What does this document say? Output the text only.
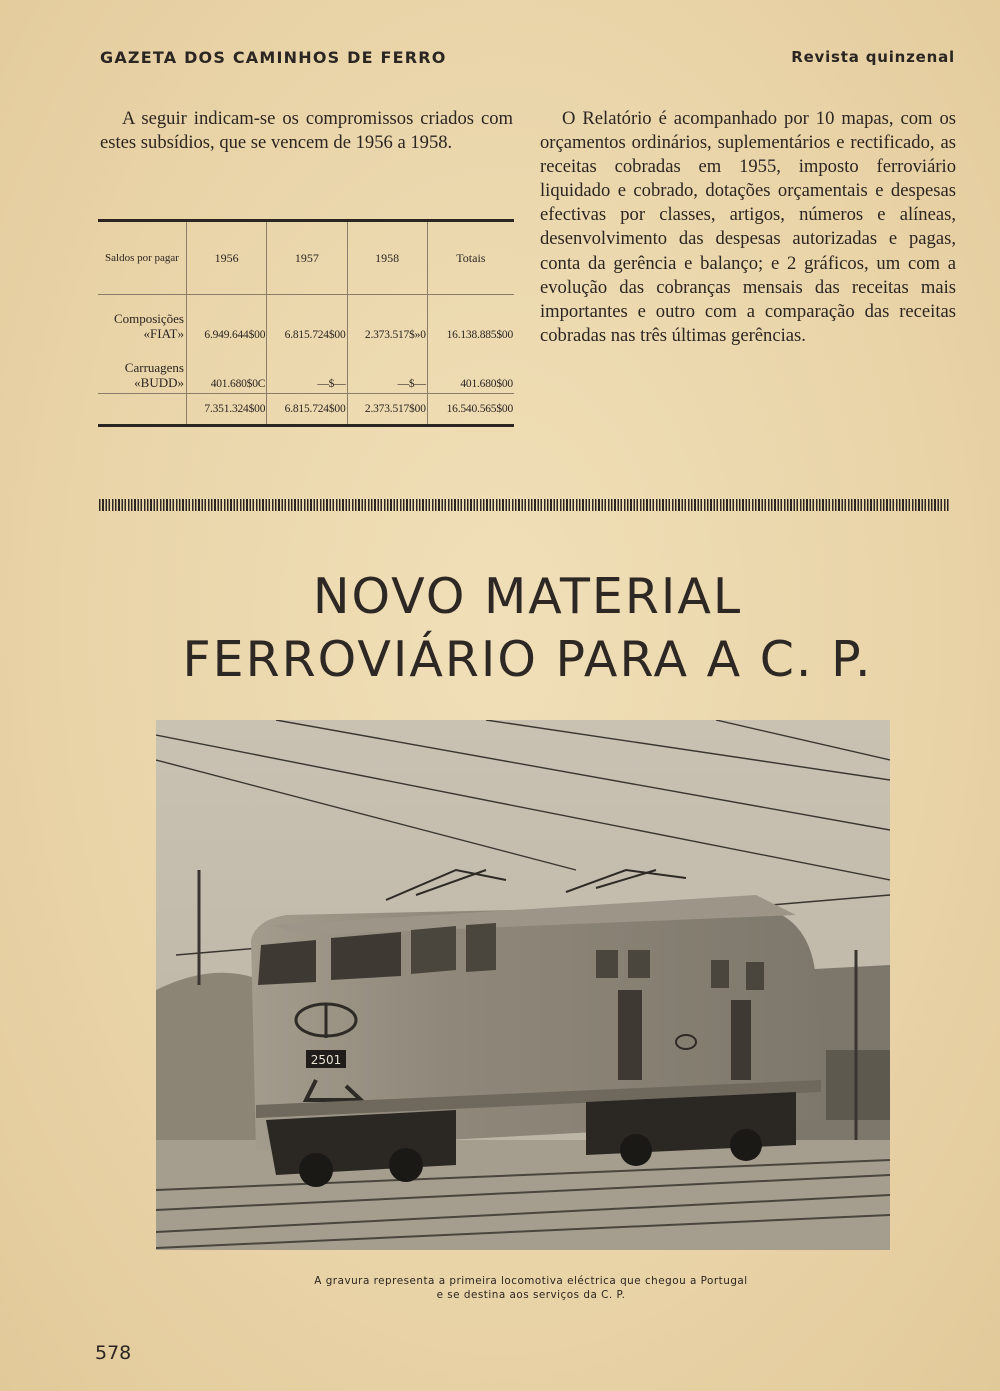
GAZETA DOS CAMINHOS DE FERRO	Revista quinzenal

A seguir indicam-se os compromissos criados com estes subsídios, que se vencem de 1956 a 1958.

Saldos por pagar	1956	1957	1958	Totais

Composições
«FIAT»	6.949.644$00	6.815.724$00	2.373.517$»0	16.138.885$00

Carruagens
«BUDD»	401.680$0C	—$—	—$—	401.680$00
	7.351.324$00	6.815.724$00	2.373.517$00	16.540.565$00

O Relatório é acompanhado por 10 mapas, com os orçamentos ordinários, suplementários e rectificado, as receitas cobradas em 1955, imposto ferroviário liquidado e cobrado, dotações orçamentais e despesas efectivas por classes, artigos, números e alíneas, desenvolvimento das despesas autorizadas e pagas, conta da gerência e balanço; e 2 gráficos, um com a evolução das cobranças mensais das receitas mais importantes e outro com a comparação das receitas cobradas nas três últimas gerências.

NOVO MATERIAL
FERROVIÁRIO PARA A C. P.
2501
A gravura representa a primeira locomotiva eléctrica que chegou a Portugal
e se destina aos serviços da C. P.
578
